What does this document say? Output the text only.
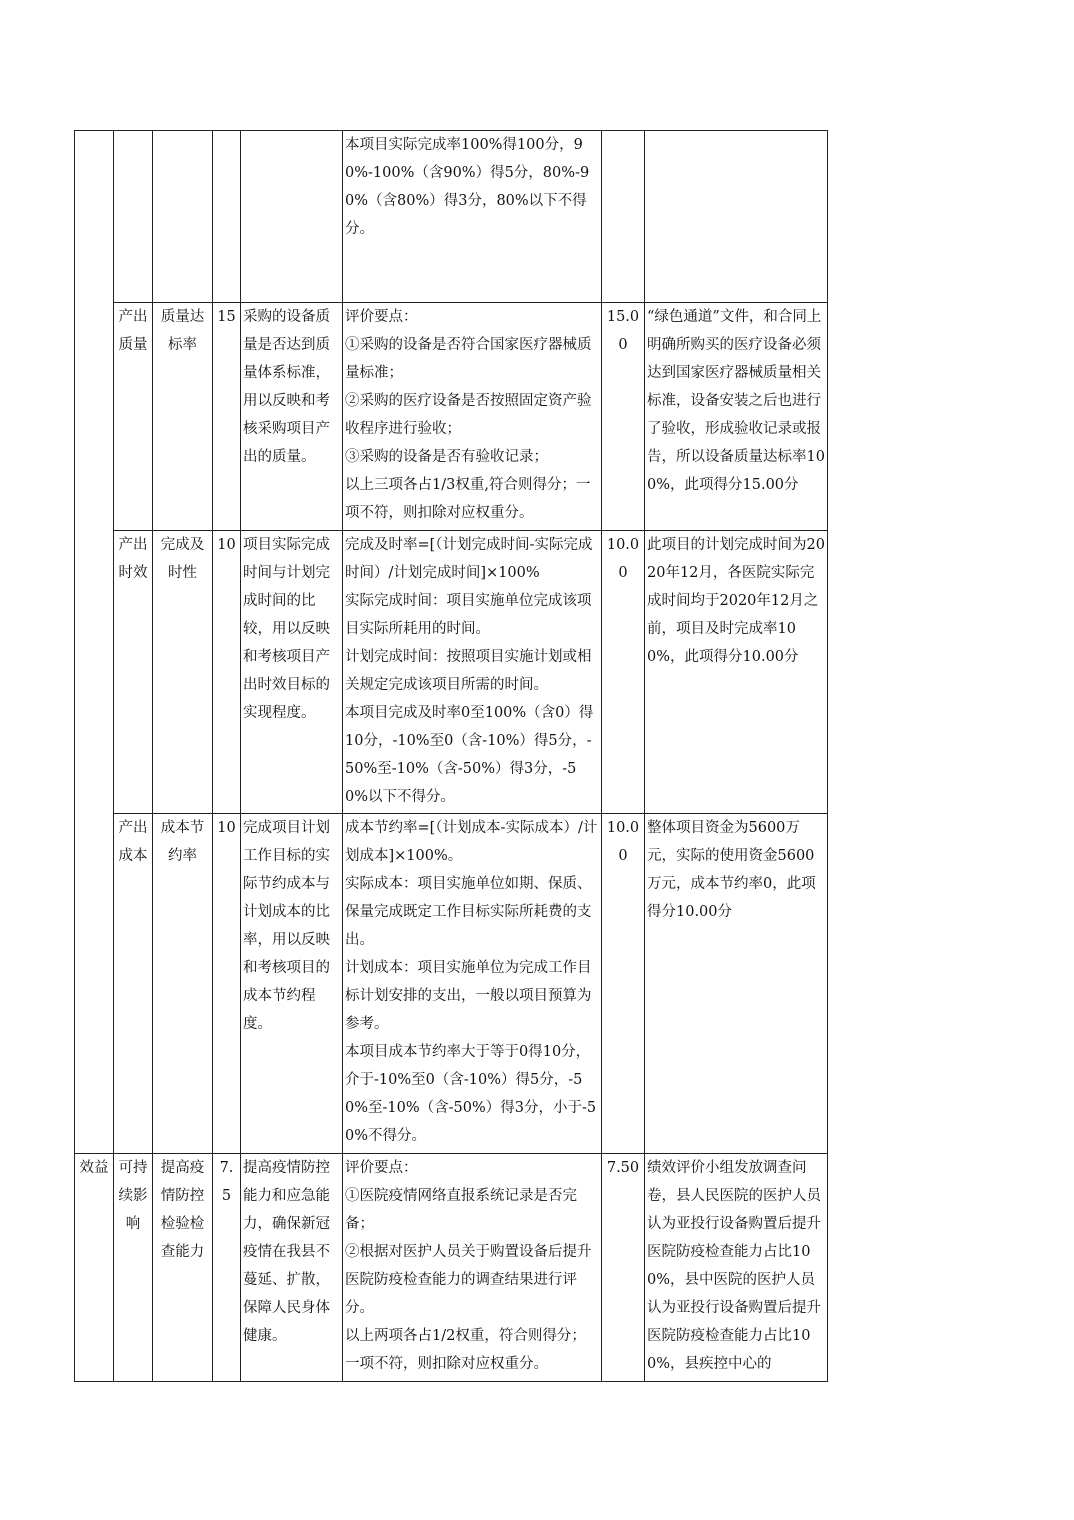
					本项目实际完成率100%得100分，90%-100%（含90%）得5分，80%-90%（含80%）得3分，80%以下不得分。		

	产出质量	质量达标率	15	采购的设备质量是否达到质量体系标准，用以反映和考核采购项目产出的质量。	评价要点：
①采购的设备是否符合国家医疗器械质量标准；
②采购的医疗设备是否按照固定资产验收程序进行验收；
③采购的设备是否有验收记录；
以上三项各占1/3权重,符合则得分；一项不符，则扣除对应权重分。	15.00	“绿色通道”文件，和合同上明确所购买的医疗设备必须达到国家医疗器械质量相关标准，设备安装之后也进行了验收，形成验收记录或报告，所以设备质量达标率100%，此项得分15.00分
	产出时效	完成及时性	10	项目实际完成时间与计划完成时间的比较，用以反映和考核项目产出时效目标的实现程度。	完成及时率=[（计划完成时间-实际完成时间）/计划完成时间]×100%
实际完成时间：项目实施单位完成该项目实际所耗用的时间。
计划完成时间：按照项目实施计划或相关规定完成该项目所需的时间。
本项目完成及时率0至100%（含0）得10分，-10%至0（含-10%）得5分，-50%至-10%（含-50%）得3分，-50%以下不得分。	10.00	此项目的计划完成时间为2020年12月，各医院实际完成时间均于2020年12月之前，项目及时完成率100%，此项得分10.00分
	产出成本	成本节约率	10	完成项目计划工作目标的实际节约成本与计划成本的比率，用以反映和考核项目的成本节约程度。	成本节约率=[（计划成本-实际成本）/计划成本]×100%。
实际成本：项目实施单位如期、保质、保量完成既定工作目标实际所耗费的支出。
计划成本：项目实施单位为完成工作目标计划安排的支出，一般以项目预算为参考。
本项目成本节约率大于等于0得10分，介于-10%至0（含-10%）得5分，-50%至-10%（含-50%）得3分，小于-50%不得分。	10.00	整体项目资金为5600万元，实际的使用资金5600万元，成本节约率0，此项得分10.00分
效益	可持续影响	提高疫情防控检验检查能力	7.5	提高疫情防控能力和应急能力，确保新冠疫情在我县不蔓延、扩散，保障人民身体健康。	评价要点：
①医院疫情网络直报系统记录是否完备；
②根据对医护人员关于购置设备后提升医院防疫检查能力的调查结果进行评分。
以上两项各占1/2权重，符合则得分；一项不符，则扣除对应权重分。	7.50	绩效评价小组发放调查问卷，县人民医院的医护人员认为亚投行设备购置后提升医院防疫检查能力占比100%，县中医院的医护人员认为亚投行设备购置后提升医院防疫检查能力占比100%，县疾控中心的
